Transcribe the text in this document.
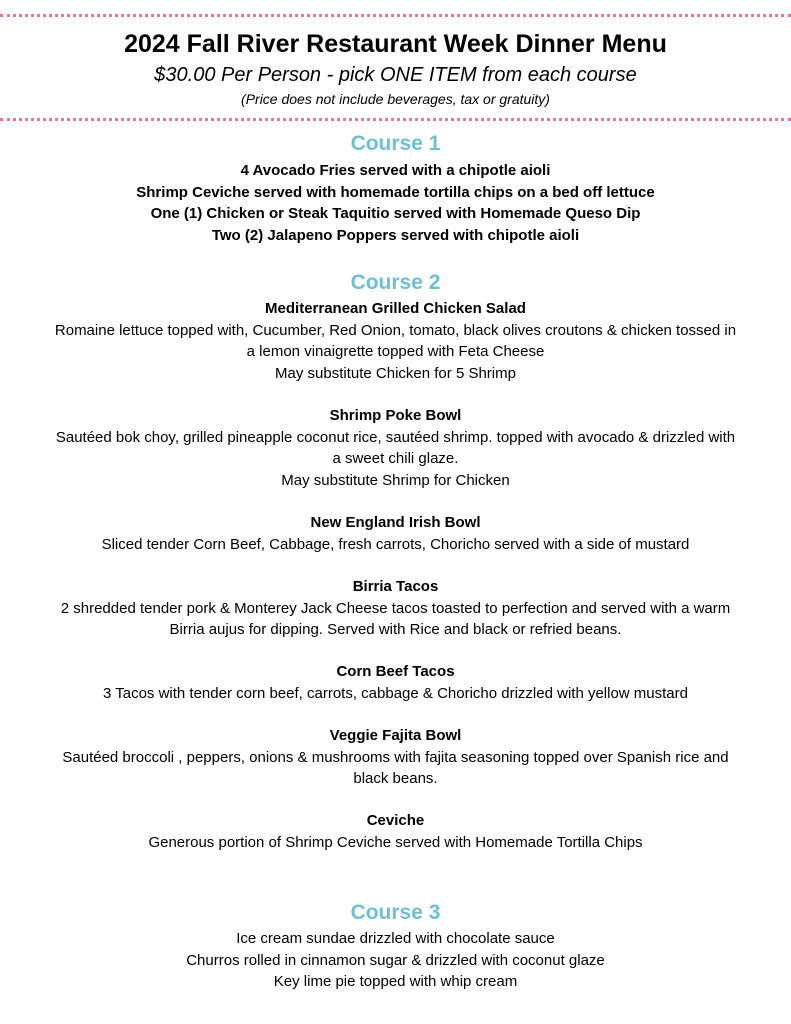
2024 Fall River Restaurant Week Dinner Menu
$30.00 Per Person - pick ONE ITEM from each course
(Price does not include beverages, tax or gratuity)
Course 1
4 Avocado Fries served with a chipotle aioli
Shrimp Ceviche served with homemade tortilla chips on a bed off lettuce
One (1) Chicken or Steak Taquitio served with Homemade Queso Dip
Two (2) Jalapeno Poppers served with chipotle aioli
Course 2
Mediterranean Grilled Chicken Salad
Romaine lettuce topped with, Cucumber, Red Onion, tomato, black olives croutons & chicken tossed in
a lemon vinaigrette topped with Feta Cheese
May substitute Chicken for 5 Shrimp
Shrimp Poke Bowl
Sautéed bok choy, grilled pineapple coconut rice, sautéed shrimp. topped with avocado & drizzled with
a sweet chili glaze.
May substitute Shrimp for Chicken
New England Irish Bowl
Sliced tender Corn Beef, Cabbage, fresh carrots, Choricho served with a side of mustard
Birria Tacos
2 shredded tender pork & Monterey Jack Cheese tacos toasted to perfection and served with a warm
Birria aujus for dipping. Served with Rice and black or refried beans.
Corn Beef Tacos
3 Tacos with tender corn beef, carrots, cabbage & Choricho drizzled with yellow mustard
Veggie Fajita Bowl
Sautéed broccoli , peppers, onions & mushrooms with fajita seasoning topped over Spanish rice and
black beans.
Ceviche
Generous portion of Shrimp Ceviche served with Homemade Tortilla Chips
Course 3
Ice cream sundae drizzled with chocolate sauce
Churros rolled in cinnamon sugar & drizzled with coconut glaze
Key lime pie topped with whip cream
